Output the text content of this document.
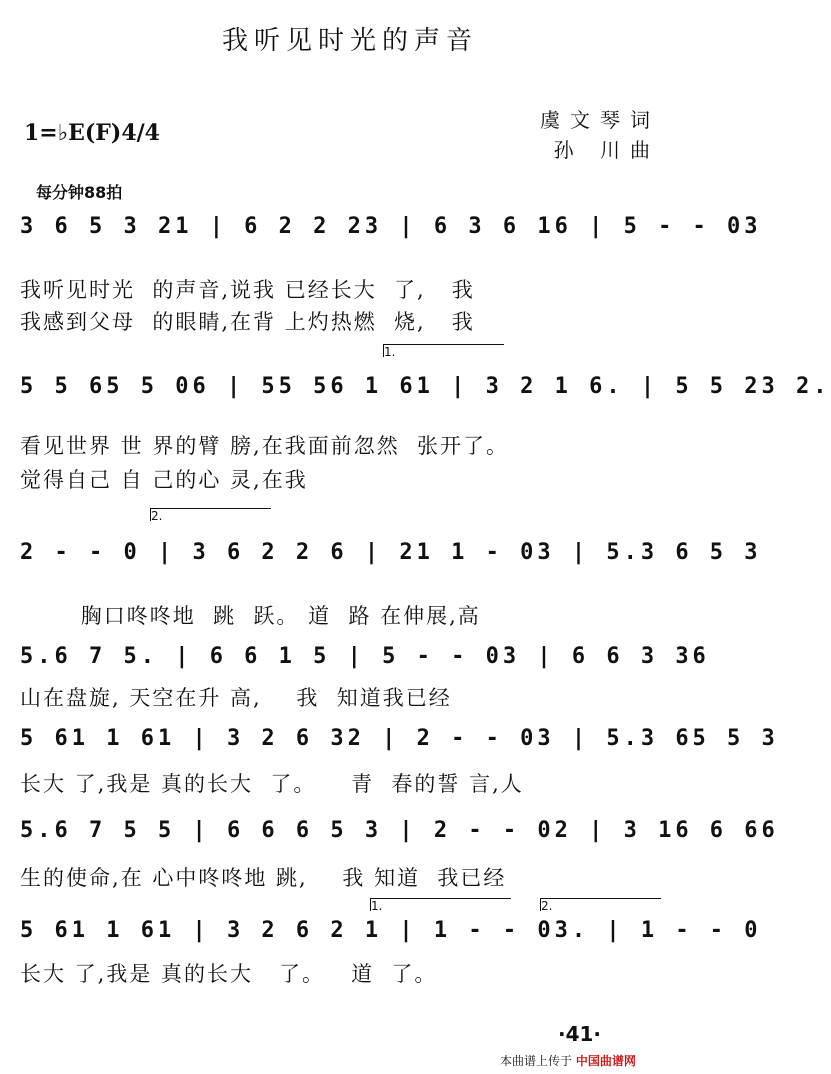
我听见时光的声音
虞文琴词
孙 川曲
1=♭E(F)4/4
每分钟88拍
3 6 5 3 21 | 6 2 2 23 | 6 3 6 16 | 5 - - 03
我听见时光  的声音,说我 已经长大  了,   我
我感到父母  的眼睛,在背 上灼热燃  烧,   我
5 5 65 5 06 | 55 56 1 61 | 3 2 1 6. | 5 5 23 2.
看见世界 世 界的臂 膀,在我面前忽然  张开了。
觉得自己 自 己的心 灵,在我
2 - - 0 | 3 6 2 2 6 | 21 1 - 03 | 5.3 6 5 3
胸口咚咚地  跳  跃。 道  路 在伸展,高
5.6 7 5. | 6 6 1 5 | 5 - - 03 | 6 6 3 36
山在盘旋, 天空在升 高,    我  知道我已经
5 61 1 61 | 3 2 6 32 | 2 - - 03 | 5.3 65 5 3
长大 了,我是 真的长大  了。    青  春的誓 言,人
5.6 7 5 5 | 6 6 6 5 3 | 2 - - 02 | 3 16 6 66
生的使命,在 心中咚咚地 跳,    我 知道  我已经
5 61 1 61 | 3 2 6 2 1 | 1 - - 03. | 1 - - 0
长大 了,我是 真的长大   了。   道  了。
1.
2.
1.	2.
·41·
本曲谱上传于 中国曲谱网
